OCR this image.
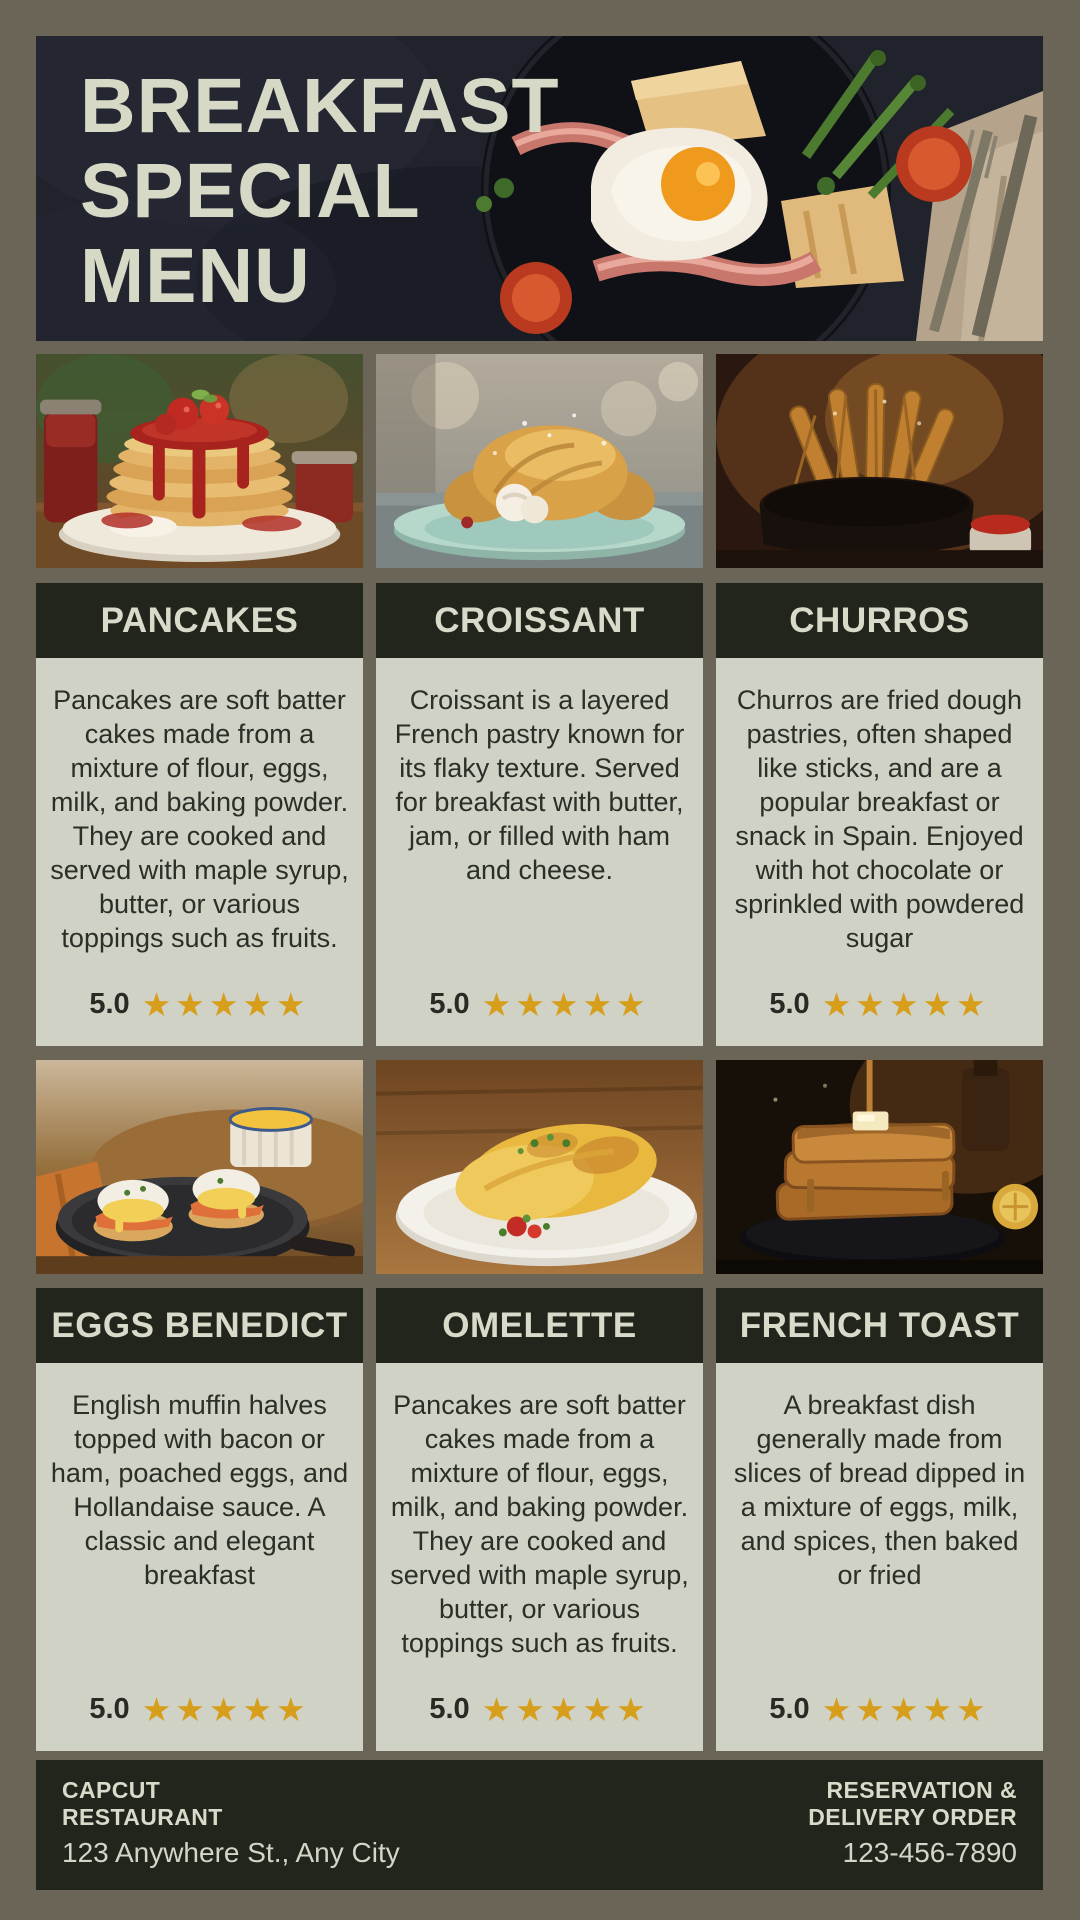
BREAKFAST
SPECIAL
MENU
PANCAKES

Pancakes are soft batter cakes made from a mixture of flour, eggs, milk, and baking powder. They are cooked and served with maple syrup, butter, or various toppings such as fruits.

5.0 ★★★★★
CROISSANT

Croissant is a layered French pastry known for its flaky texture. Served for breakfast with butter, jam, or filled with ham and cheese.

5.0 ★★★★★
CHURROS

Churros are fried dough pastries, often shaped like sticks, and are a popular breakfast or snack in Spain. Enjoyed with hot chocolate or sprinkled with powdered sugar

5.0 ★★★★★
EGGS BENEDICT

English muffin halves topped with bacon or ham, poached eggs, and Hollandaise sauce. A classic and elegant breakfast

5.0 ★★★★★
OMELETTE

Pancakes are soft batter cakes made from a mixture of flour, eggs, milk, and baking powder. They are cooked and served with maple syrup, butter, or various toppings such as fruits.

5.0 ★★★★★
FRENCH TOAST

A breakfast dish generally made from slices of bread dipped in a mixture of eggs, milk, and spices, then baked or fried

5.0 ★★★★★
CAPCUT
RESTAURANT
123 Anywhere St., Any City
RESERVATION &
DELIVERY ORDER
123-456-7890
